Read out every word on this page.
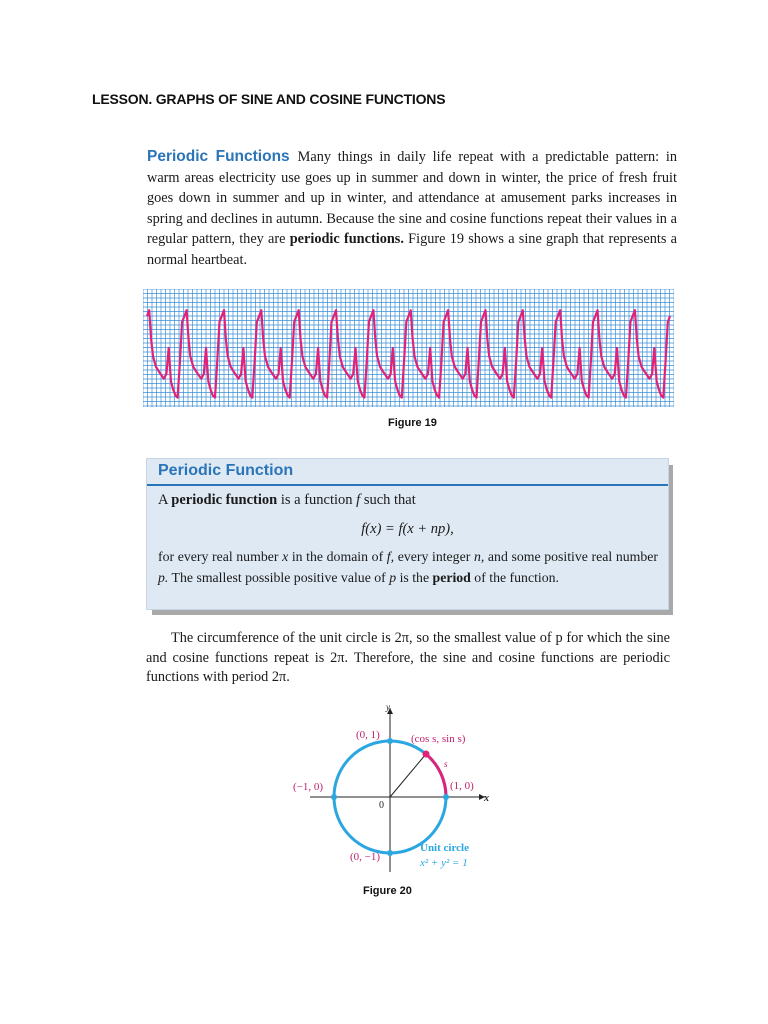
LESSON. GRAPHS OF SINE AND COSINE FUNCTIONS
Periodic Functions Many things in daily life repeat with a predictable pattern: in warm areas electricity use goes up in summer and down in winter, the price of fresh fruit goes down in summer and up in winter, and attendance at amusement parks increases in spring and declines in autumn. Because the sine and cosine functions repeat their values in a regular pattern, they are periodic functions. Figure 19 shows a sine graph that represents a normal heartbeat.
Figure 19
Periodic Function
A periodic function is a function f such that
f(x) = f(x + np),
for every real number x in the domain of f, every integer n, and some positive real number p. The smallest possible positive value of p is the period of the function.
The circumference of the unit circle is 2π, so the smallest value of p for which the sine and cosine functions repeat is 2π. Therefore, the sine and cosine functions are periodic functions with period 2π.
y
x
(0, 1)
(−1, 0)	(1, 0)
(0, −1)
0
(cos s, sin s)
s
Unit circle
x² + y² = 1
Figure 20
